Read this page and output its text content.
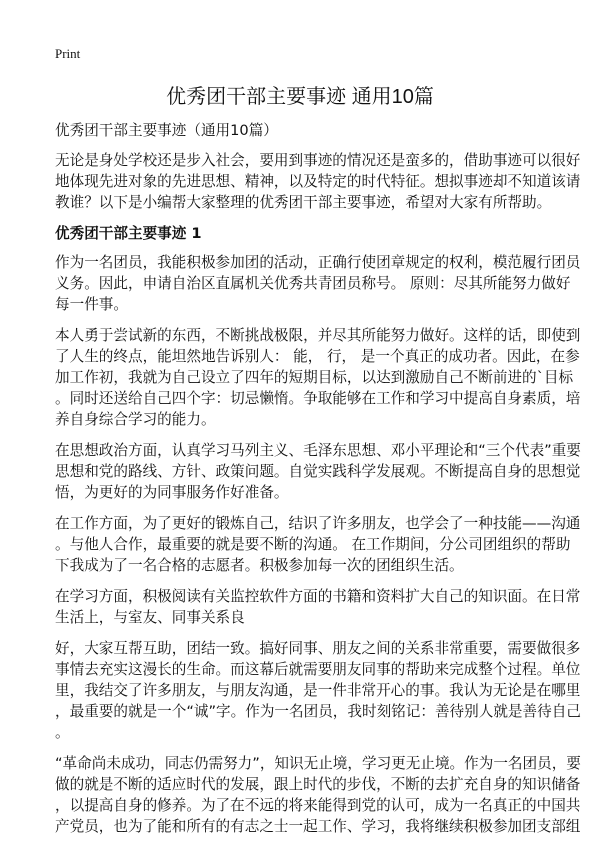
Print
优秀团干部主要事迹 通用10篇
优秀团干部主要事迹（通用10篇）
无论是身处学校还是步入社会，要用到事迹的情况还是蛮多的，借助事迹可以很好
地体现先进对象的先进思想、精神，以及特定的时代特征。想拟事迹却不知道该请
教谁？以下是小编帮大家整理的优秀团干部主要事迹，希望对大家有所帮助。
优秀团干部主要事迹 1
作为一名团员，我能积极参加团的活动，正确行使团章规定的权利，模范履行团员
义务。因此，申请自治区直属机关优秀共青团员称号。 原则：尽其所能努力做好
每一件事。
本人勇于尝试新的东西，不断挑战极限，并尽其所能努力做好。这样的话，即使到
了人生的终点，能坦然地告诉别人： 能， 行， 是一个真正的成功者。因此，在参
加工作初，我就为自己设立了四年的短期目标，以达到激励自己不断前进的`目标
。同时还送给自己四个字：切忌懒惰。争取能够在工作和学习中提高自身素质，培
养自身综合学习的能力。
在思想政治方面，认真学习马列主义、毛泽东思想、邓小平理论和“三个代表”重要
思想和党的路线、方针、政策问题。自觉实践科学发展观。不断提高自身的思想觉
悟，为更好的为同事服务作好准备。
在工作方面，为了更好的锻炼自己，结识了许多朋友，也学会了一种技能——沟通
。与他人合作，最重要的就是要不断的沟通。 在工作期间，分公司团组织的帮助
下我成为了一名合格的志愿者。积极参加每一次的团组织生活。
在学习方面，积极阅读有关监控软件方面的书籍和资料扩大自己的知识面。在日常
生活上，与室友、同事关系良
好，大家互帮互助，团结一致。搞好同事、朋友之间的关系非常重要，需要做很多
事情去充实这漫长的生命。而这幕后就需要朋友同事的帮助来完成整个过程。单位
里，我结交了许多朋友，与朋友沟通，是一件非常开心的事。我认为无论是在哪里
，最重要的就是一个“诚”字。作为一名团员，我时刻铭记：善待别人就是善待自己
。
“革命尚未成功，同志仍需努力”，知识无止境，学习更无止境。作为一名团员，要
做的就是不断的适应时代的发展，跟上时代的步伐，不断的去扩充自身的知识储备
，以提高自身的修养。为了在不远的将来能得到党的认可，成为一名真正的中国共
产党员，也为了能和所有的有志之士一起工作、学习，我将继续积极参加团支部组
